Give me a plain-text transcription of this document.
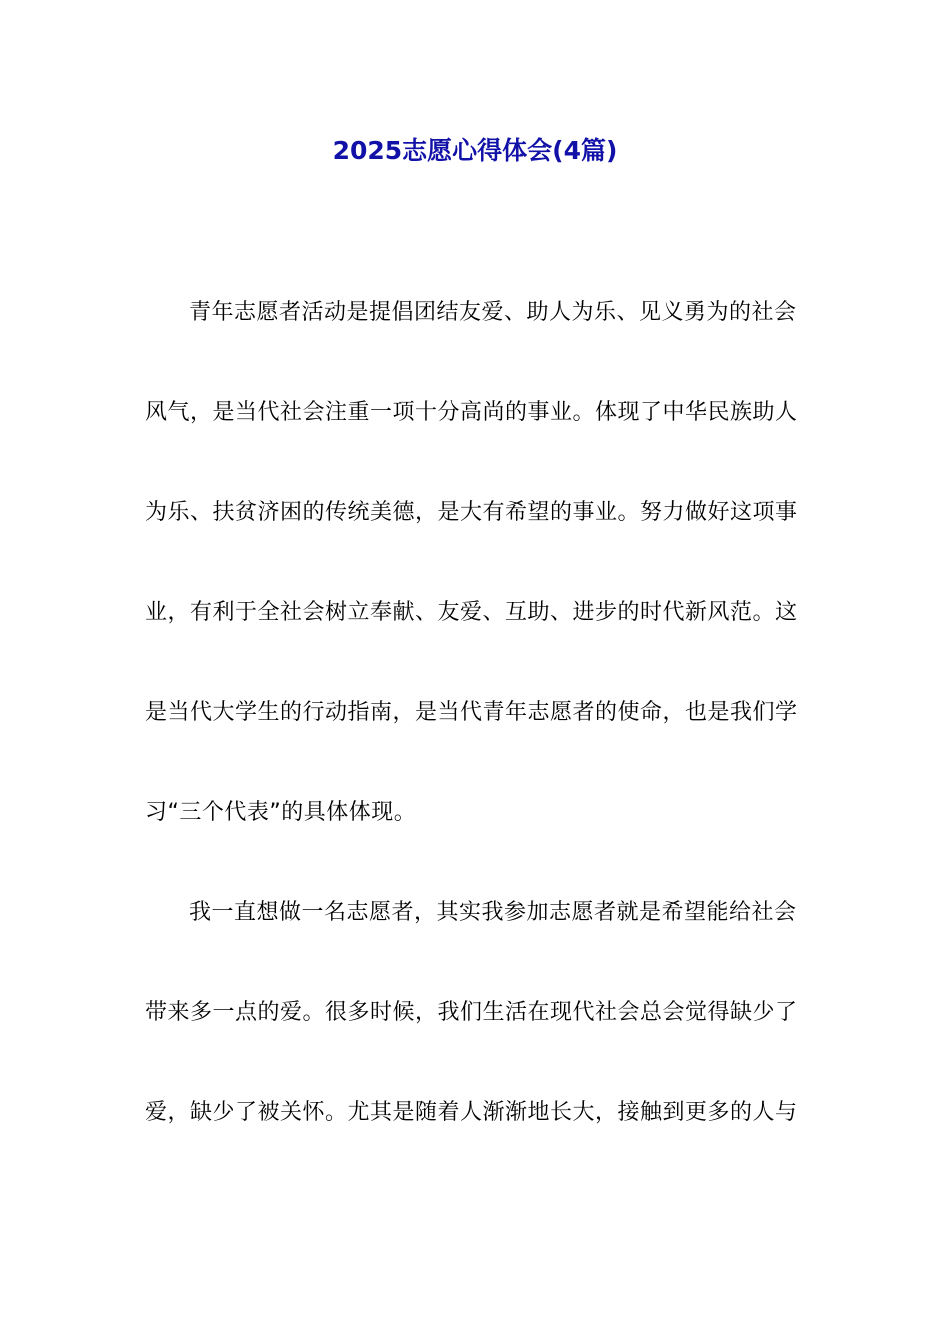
2025志愿心得体会(4篇)
青年志愿者活动是提倡团结友爱、助人为乐、见义勇为的社会
风气，是当代社会注重一项十分高尚的事业。体现了中华民族助人
为乐、扶贫济困的传统美德，是大有希望的事业。努力做好这项事
业，有利于全社会树立奉献、友爱、互助、进步的时代新风范。这
是当代大学生的行动指南，是当代青年志愿者的使命，也是我们学
习“三个代表”的具体体现。
我一直想做一名志愿者，其实我参加志愿者就是希望能给社会
带来多一点的爱。很多时候，我们生活在现代社会总会觉得缺少了
爱，缺少了被关怀。尤其是随着人渐渐地长大，接触到更多的人与
